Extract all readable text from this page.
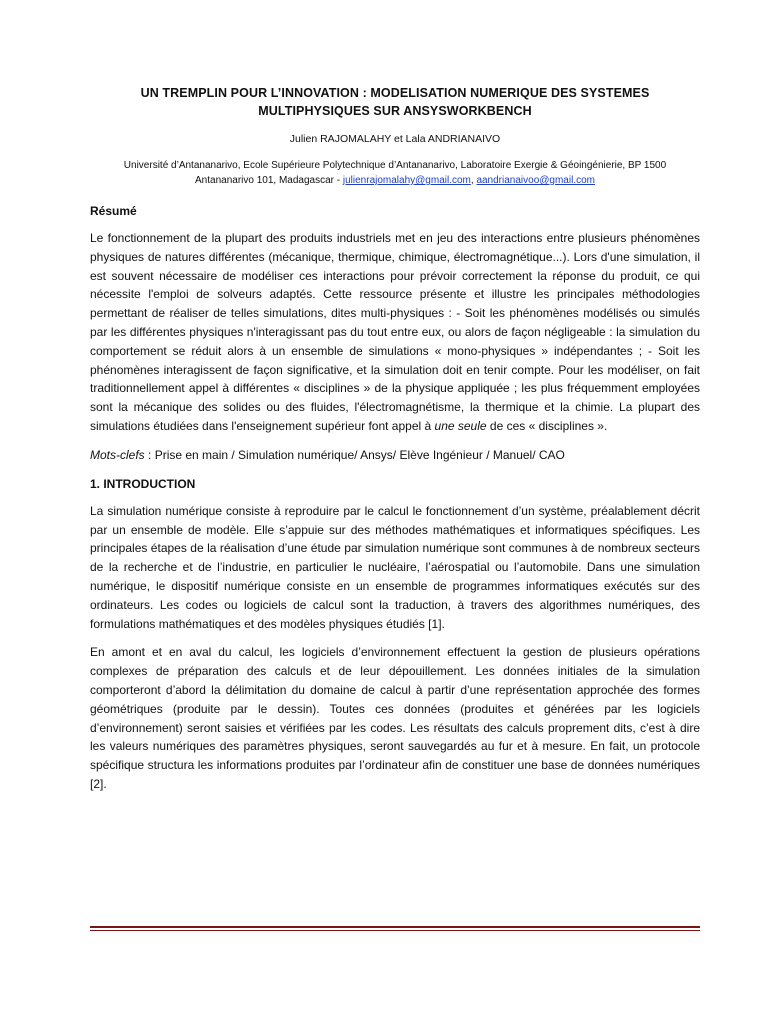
UN TREMPLIN POUR L’INNOVATION : MODELISATION NUMERIQUE DES SYSTEMES
MULTIPHYSIQUES SUR ANSYSWORKBENCH
Julien RAJOMALAHY et Lala ANDRIANAIVO
Université d’Antananarivo, Ecole Supérieure Polytechnique d’Antananarivo, Laboratoire Exergie & Géoingénierie, BP 1500
Antananarivo 101, Madagascar - julienrajomalahy@gmail.com, aandrianaivoo@gmail.com
Résumé
Le fonctionnement de la plupart des produits industriels met en jeu des interactions entre plusieurs phénomènes physiques de natures différentes (mécanique, thermique, chimique, électromagnétique...). Lors d'une simulation, il est souvent nécessaire de modéliser ces interactions pour prévoir correctement la réponse du produit, ce qui nécessite l'emploi de solveurs adaptés. Cette ressource présente et illustre les principales méthodologies permettant de réaliser de telles simulations, dites multi-physiques : - Soit les phénomènes modélisés ou simulés par les différentes physiques n'interagissant pas du tout entre eux, ou alors de façon négligeable : la simulation du comportement se réduit alors à un ensemble de simulations « mono-physiques » indépendantes ; - Soit les phénomènes interagissent de façon significative, et la simulation doit en tenir compte. Pour les modéliser, on fait traditionnellement appel à différentes « disciplines » de la physique appliquée ; les plus fréquemment employées sont la mécanique des solides ou des fluides, l'électromagnétisme, la thermique et la chimie. La plupart des simulations étudiées dans l'enseignement supérieur font appel à une seule de ces « disciplines ».
Mots-clefs : Prise en main / Simulation numérique/ Ansys/ Elève Ingénieur / Manuel/ CAO
1. INTRODUCTION
La simulation numérique consiste à reproduire par le calcul le fonctionnement d’un système, préalablement décrit par un ensemble de modèle. Elle s’appuie sur des méthodes mathématiques et informatiques spécifiques. Les principales étapes de la réalisation d’une étude par simulation numérique sont communes à de nombreux secteurs de la recherche et de l’industrie, en particulier le nucléaire, l’aérospatial ou l’automobile. Dans une simulation numérique, le dispositif numérique consiste en un ensemble de programmes informatiques exécutés sur des ordinateurs. Les codes ou logiciels de calcul sont la traduction, à travers des algorithmes numériques, des formulations mathématiques et des modèles physiques étudiés [1].
En amont et en aval du calcul, les logiciels d’environnement effectuent la gestion de plusieurs opérations complexes de préparation des calculs et de leur dépouillement. Les données initiales de la simulation comporteront d’abord la délimitation du domaine de calcul à partir d’une représentation approchée des formes géométriques (produite par le dessin). Toutes ces données (produites et générées par les logiciels d’environnement) seront saisies et vérifiées par les codes. Les résultats des calculs proprement dits, c’est à dire les valeurs numériques des paramètres physiques, seront sauvegardés au fur et à mesure. En fait, un protocole spécifique structura les informations produites par l’ordinateur afin de constituer une base de données numériques [2].
